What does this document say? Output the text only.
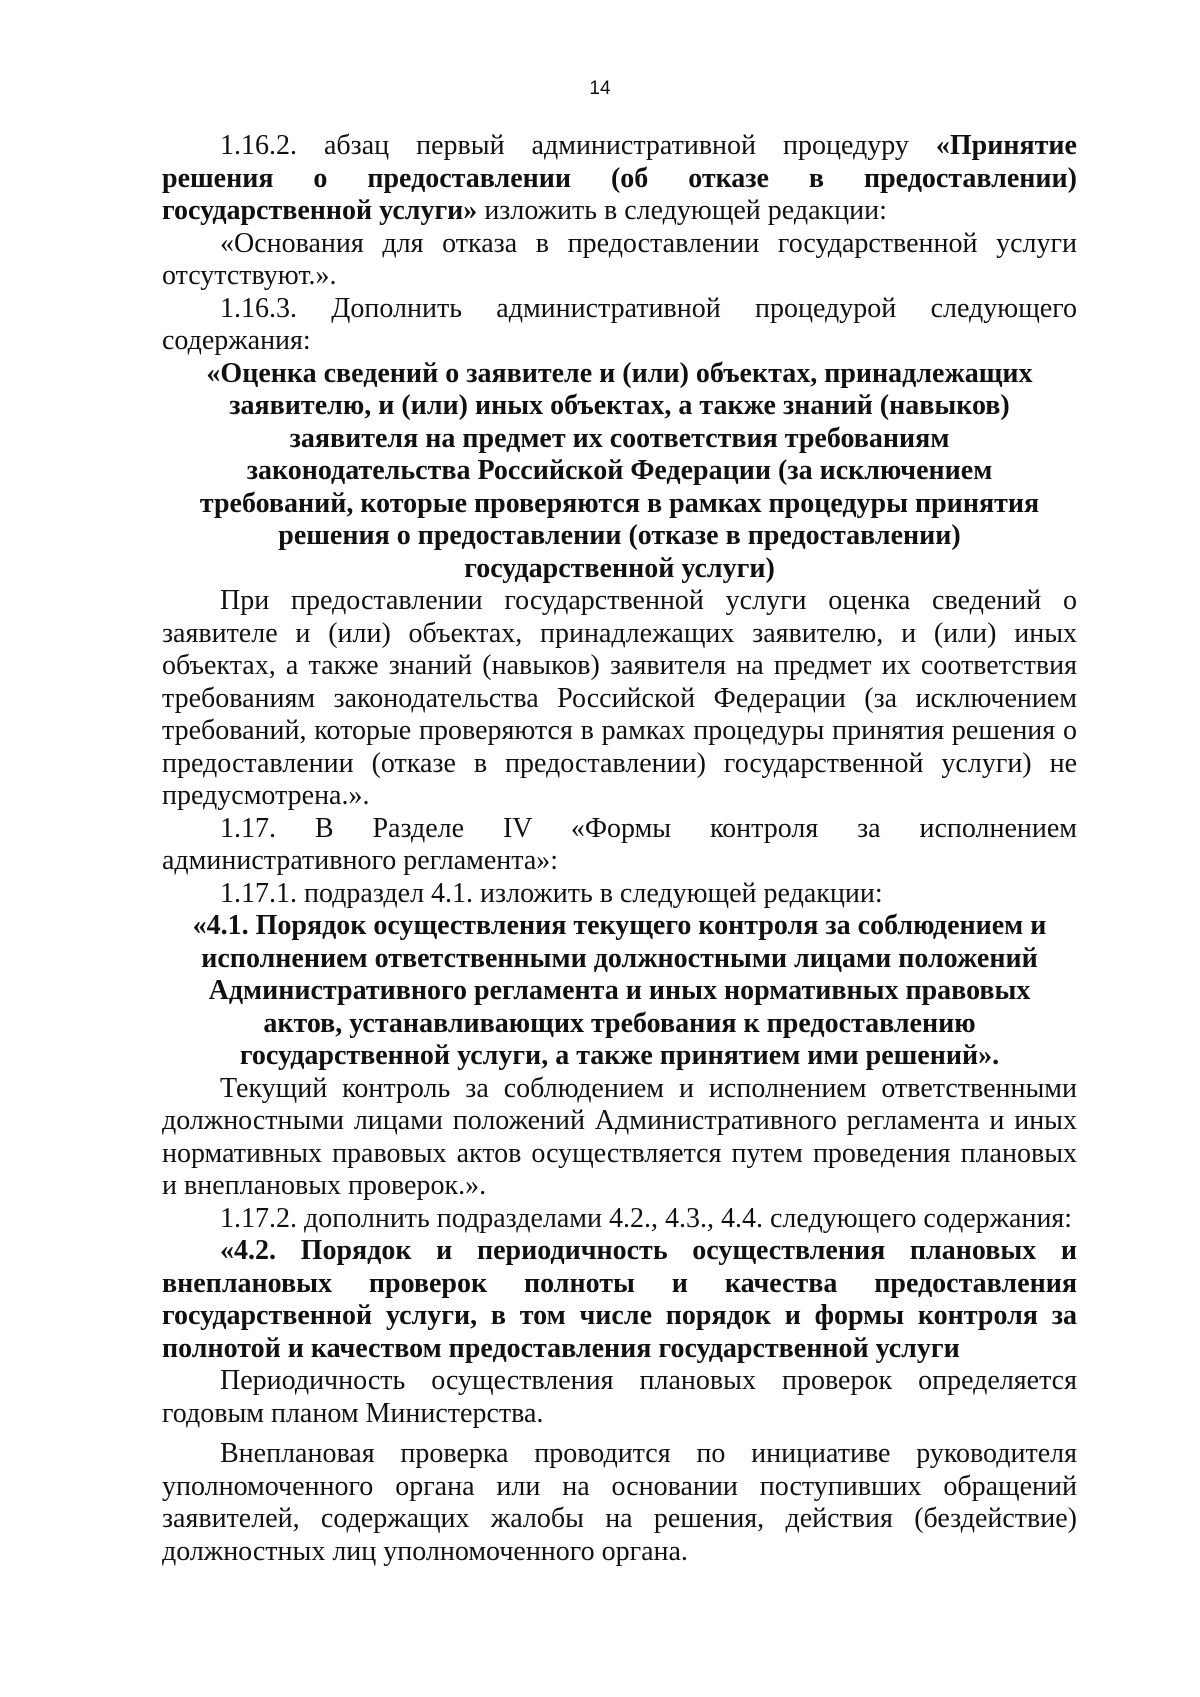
14

1.16.2. абзац первый административной процедуру «Принятие решения о предоставлении (об отказе в предоставлении) государственной услуги» изложить в следующей редакции:

«Основания для отказа в предоставлении государственной услуги отсутствуют.».

1.16.3. Дополнить административной процедурой следующего содержания:

«Оценка сведений о заявителе и (или) объектах, принадлежащих заявителю, и (или) иных объектах, а также знаний (навыков) заявителя на предмет их соответствия требованиям законодательства Российской Федерации (за исключением требований, которые проверяются в рамках процедуры принятия решения о предоставлении (отказе в предоставлении) государственной услуги)

При предоставлении государственной услуги оценка сведений о заявителе и (или) объектах, принадлежащих заявителю, и (или) иных объектах, а также знаний (навыков) заявителя на предмет их соответствия требованиям законодательства Российской Федерации (за исключением требований, которые проверяются в рамках процедуры принятия решения о предоставлении (отказе в предоставлении) государственной услуги) не предусмотрена.».

1.17. В Разделе IV «Формы контроля за исполнением административного регламента»:

1.17.1. подраздел 4.1. изложить в следующей редакции:

«4.1. Порядок осуществления текущего контроля за соблюдением и исполнением ответственными должностными лицами положений Административного регламента и иных нормативных правовых актов, устанавливающих требования к предоставлению государственной услуги, а также принятием ими решений».

Текущий контроль за соблюдением и исполнением ответственными должностными лицами положений Административного регламента и иных нормативных правовых актов осуществляется путем проведения плановых и внеплановых проверок.».

1.17.2. дополнить подразделами 4.2., 4.3., 4.4. следующего содержания:

«4.2. Порядок и периодичность осуществления плановых и внеплановых проверок полноты и качества предоставления государственной услуги, в том числе порядок и формы контроля за полнотой и качеством предоставления государственной услуги

Периодичность осуществления плановых проверок определяется годовым планом Министерства.

Внеплановая проверка проводится по инициативе руководителя уполномоченного органа или на основании поступивших обращений заявителей, содержащих жалобы на решения, действия (бездействие) должностных лиц уполномоченного органа.
